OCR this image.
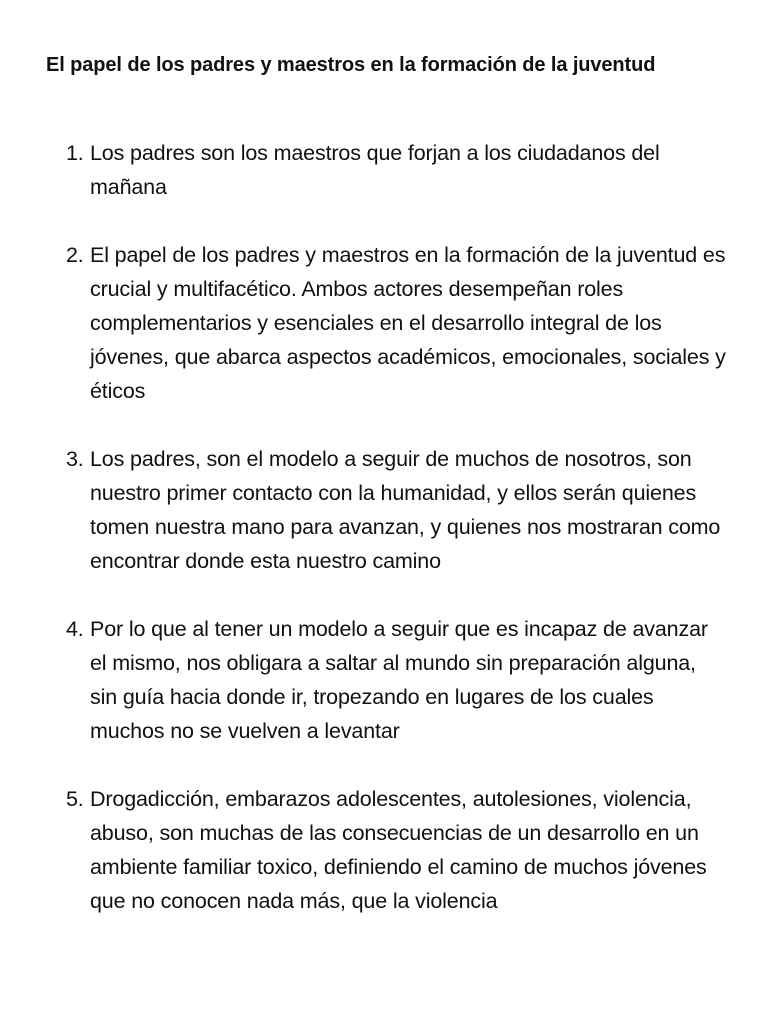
El papel de los padres y maestros en la formación de la juventud
1. Los padres son los maestros que forjan a los ciudadanos del mañana
2. El papel de los padres y maestros en la formación de la juventud es crucial y multifacético. Ambos actores desempeñan roles complementarios y esenciales en el desarrollo integral de los jóvenes, que abarca aspectos académicos, emocionales, sociales y éticos
3. Los padres, son el modelo a seguir de muchos de nosotros, son nuestro primer contacto con la humanidad, y ellos serán quienes tomen nuestra mano para avanzan, y quienes nos mostraran como encontrar donde esta nuestro camino
4. Por lo que al tener un modelo a seguir que es incapaz de avanzar el mismo, nos obligara a saltar al mundo sin preparación alguna, sin guía hacia donde ir, tropezando en lugares de los cuales muchos no se vuelven a levantar
5. Drogadicción, embarazos adolescentes, autolesiones, violencia, abuso, son muchas de las consecuencias de un desarrollo en un ambiente familiar toxico, definiendo el camino de muchos jóvenes que no conocen nada más, que la violencia
